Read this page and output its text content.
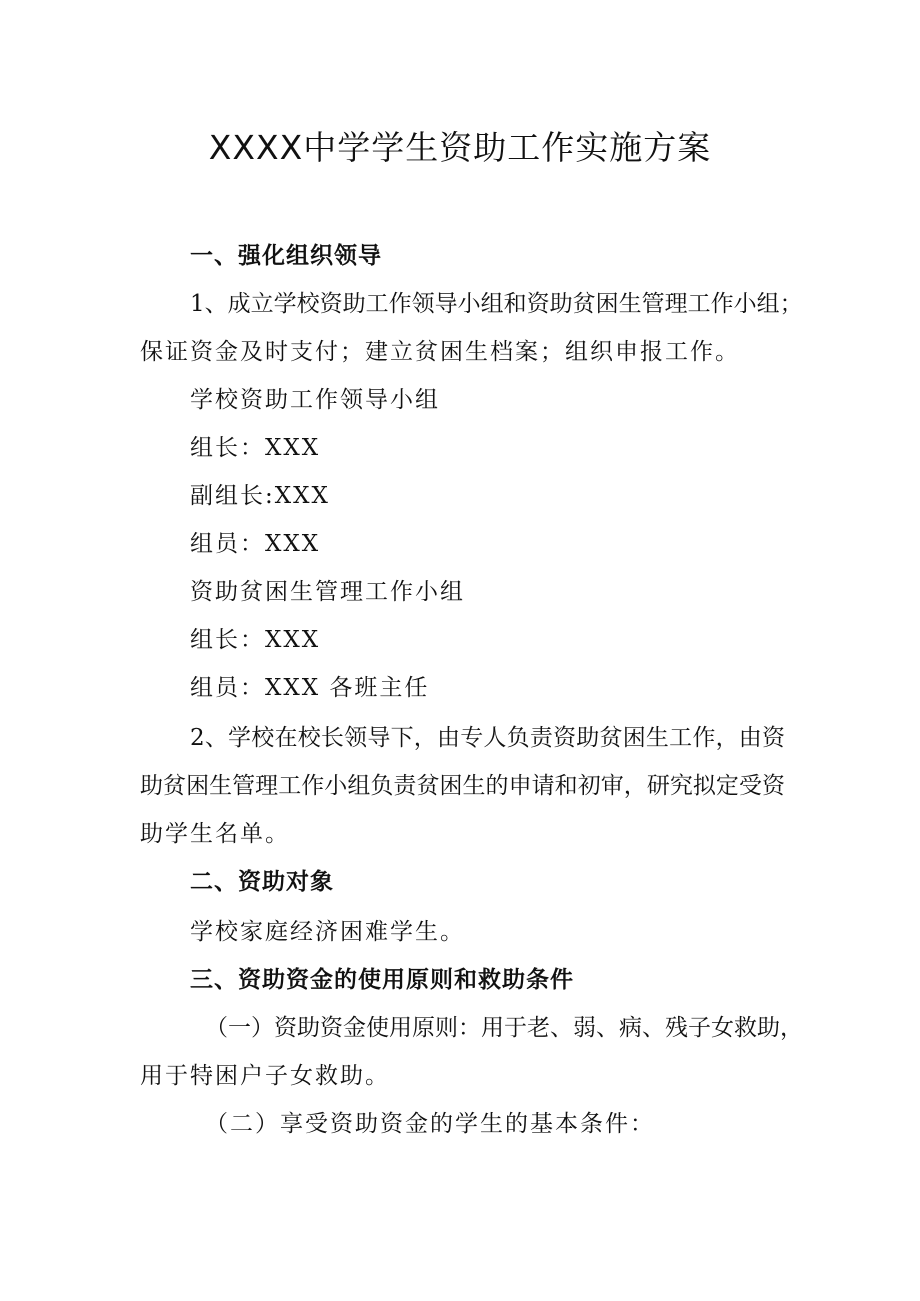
XXXX中学学生资助工作实施方案
一、强化组织领导
1、成立学校资助工作领导小组和资助贫困生管理工作小组；
保证资金及时支付；建立贫困生档案；组织申报工作。
学校资助工作领导小组
组长：XXX
副组长:XXX
组员：XXX
资助贫困生管理工作小组
组长：XXX
组员：XXX 各班主任
2、学校在校长领导下，由专人负责资助贫困生工作，由资
助贫困生管理工作小组负责贫困生的申请和初审，研究拟定受资
助学生名单。
二、资助对象
学校家庭经济困难学生。
三、资助资金的使用原则和救助条件
（一）资助资金使用原则：用于老、弱、病、残子女救助，
用于特困户子女救助。
（二）享受资助资金的学生的基本条件：
